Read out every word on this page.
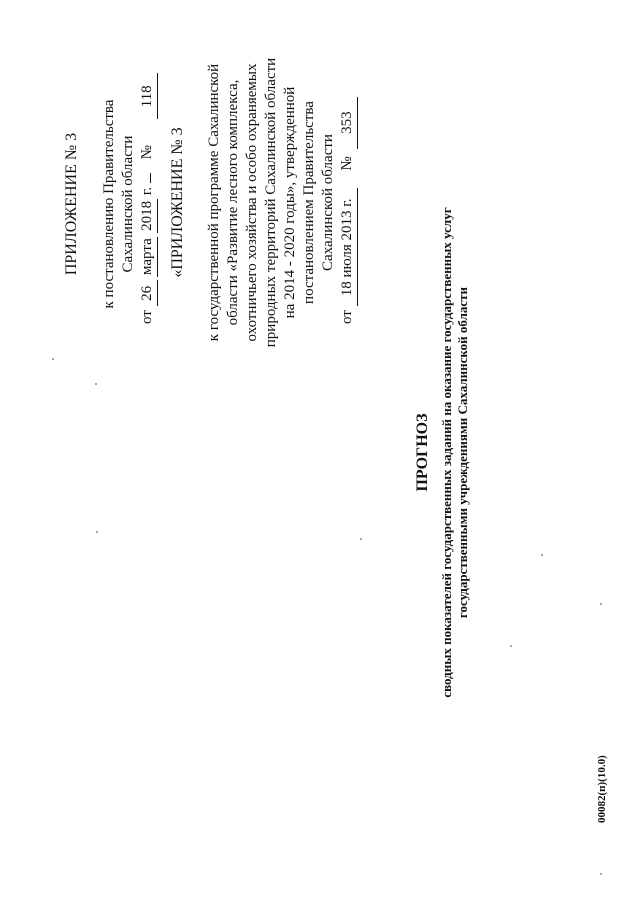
ПРИЛОЖЕНИЕ № 3 к постановлению Правительства Сахалинской области
от 26 марта 2018 г.  № 118
«ПРИЛОЖЕНИЕ № 3 к государственной программе Сахалинской области «Развитие лесного комплекса, охотничьего хозяйства и особо охраняемых природных территорий Сахалинской области на 2014 - 2020 годы», утвержденной постановлением Правительства Сахалинской области
от 18 июля 2013 г. № 353
ПРОГНОЗ сводных показателей государственных заданий на оказание государственных услуг государственными учреждениями Сахалинской области
00082(п)(10.0)
